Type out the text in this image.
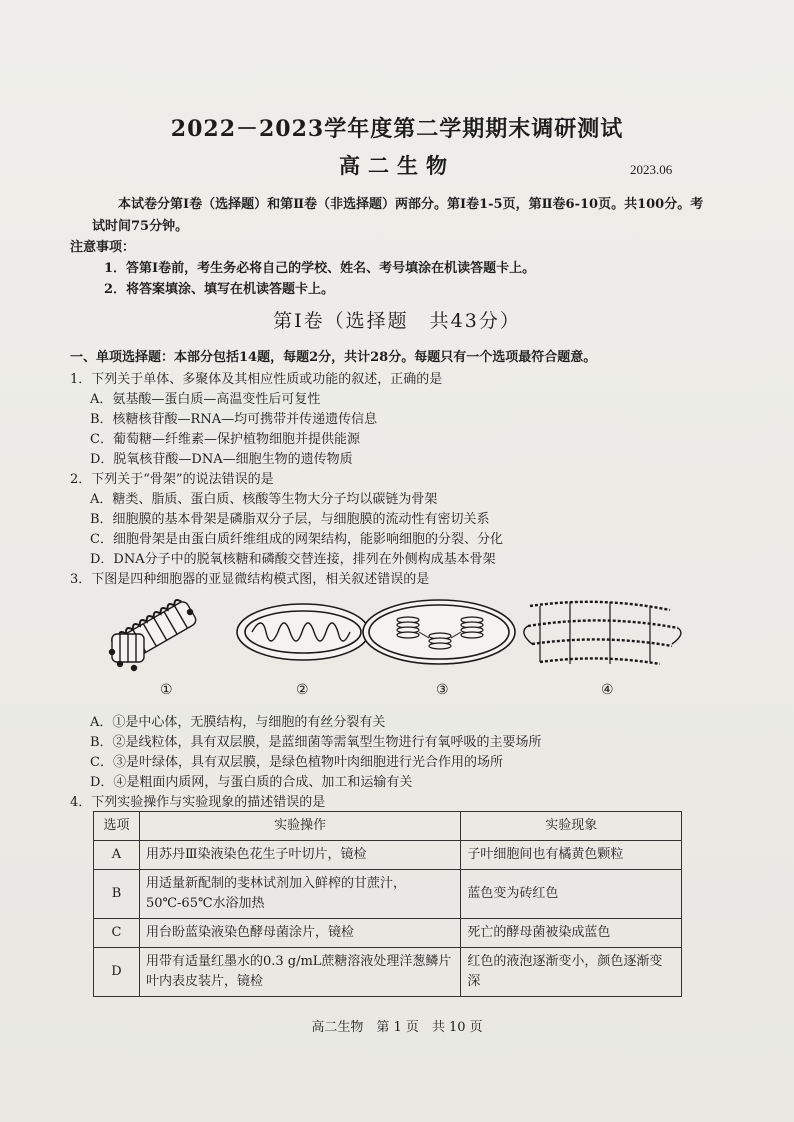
2022－2023学年度第二学期期末调研测试
高二生物	2023.06
本试卷分第Ⅰ卷（选择题）和第Ⅱ卷（非选择题）两部分。第Ⅰ卷1-5页，第Ⅱ卷6-10页。共100分。考试时间75分钟。
注意事项：
1．答第Ⅰ卷前，考生务必将自己的学校、姓名、考号填涂在机读答题卡上。
2．将答案填涂、填写在机读答题卡上。
第Ⅰ卷（选择题　共43分）
一、单项选择题：本部分包括14题，每题2分，共计28分。每题只有一个选项最符合题意。
1．下列关于单体、多聚体及其相应性质或功能的叙述，正确的是
A．氨基酸—蛋白质—高温变性后可复性
B．核糖核苷酸—RNA—均可携带并传递遗传信息
C．葡萄糖—纤维素—保护植物细胞并提供能源
D．脱氧核苷酸—DNA—细胞生物的遗传物质
2．下列关于“骨架”的说法错误的是
A．糖类、脂质、蛋白质、核酸等生物大分子均以碳链为骨架
B．细胞膜的基本骨架是磷脂双分子层，与细胞膜的流动性有密切关系
C．细胞骨架是由蛋白质纤维组成的网架结构，能影响细胞的分裂、分化
D．DNA分子中的脱氧核糖和磷酸交替连接，排列在外侧构成基本骨架
3．下图是四种细胞器的亚显微结构模式图，相关叙述错误的是
①	②	③	④
A．①是中心体，无膜结构，与细胞的有丝分裂有关
B．②是线粒体，具有双层膜，是蓝细菌等需氧型生物进行有氧呼吸的主要场所
C．③是叶绿体，具有双层膜，是绿色植物叶肉细胞进行光合作用的场所
D．④是粗面内质网，与蛋白质的合成、加工和运输有关
4．下列实验操作与实验现象的描述错误的是
选项	实验操作	实验现象
A	用苏丹Ⅲ染液染色花生子叶切片，镜检	子叶细胞间也有橘黄色颗粒
B	用适量新配制的斐林试剂加入鲜榨的甘蔗汁，50℃-65℃水浴加热	蓝色变为砖红色
C	用台盼蓝染液染色酵母菌涂片，镜检	死亡的酵母菌被染成蓝色
D	用带有适量红墨水的0.3 g/mL蔗糖溶液处理洋葱鳞片叶内表皮装片，镜检	红色的液泡逐渐变小，颜色逐渐变深
高二生物　第 1 页　共 10 页
